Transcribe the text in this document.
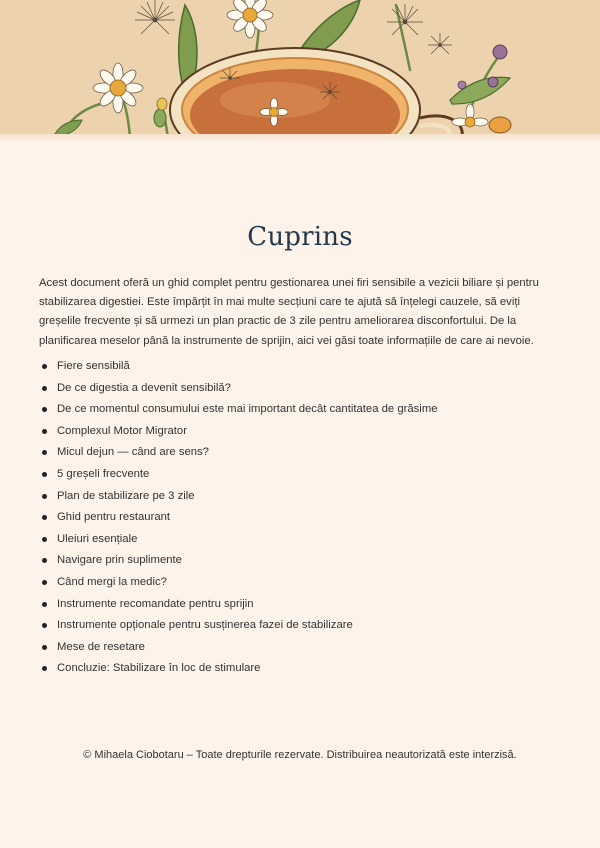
Cuprins

Acest document oferă un ghid complet pentru gestionarea unei firi sensibile a vezicii biliare și pentru stabilizarea digestiei. Este împărțit în mai multe secțiuni care te ajută să înțelegi cauzele, să eviți greșelile frecvente și să urmezi un plan practic de 3 zile pentru ameliorarea disconfortului. De la planificarea meselor până la instrumente de sprijin, aici vei găsi toate informațiile de care ai nevoie.

Fiere sensibilă
De ce digestia a devenit sensibilă?
De ce momentul consumului este mai important decât cantitatea de grăsime
Complexul Motor Migrator
Micul dejun — când are sens?
5 greșeli frecvente
Plan de stabilizare pe 3 zile
Ghid pentru restaurant
Uleiuri esențiale
Navigare prin suplimente
Când mergi la medic?
Instrumente recomandate pentru sprijin
Instrumente opționale pentru susținerea fazei de stabilizare
Mese de resetare
Concluzie: Stabilizare în loc de stimulare

© Mihaela Ciobotaru – Toate drepturile rezervate. Distribuirea neautorizată este interzisă.
